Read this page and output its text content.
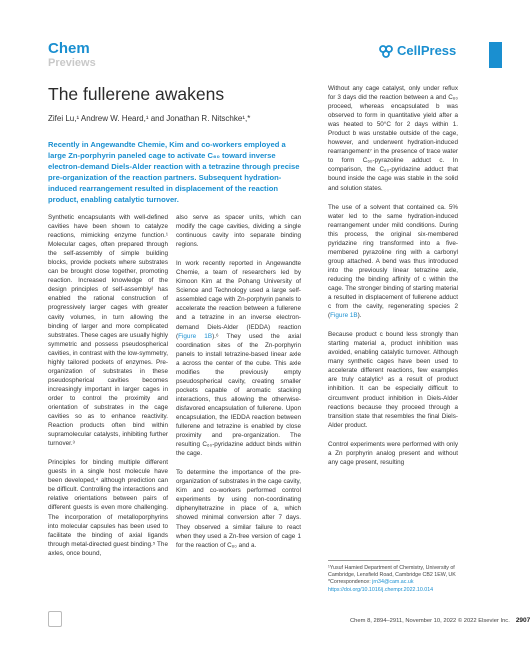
Chem
Previews
CellPress
The fullerene awakens
Zifei Lu,¹ Andrew W. Heard,¹ and Jonathan R. Nitschke¹,*
Recently in Angewandte Chemie, Kim and co-workers employed a large Zn-porphyrin paneled cage to activate C₆₀ toward inverse electron-demand Diels-Alder reaction with a tetrazine through precise pre-organization of the reaction partners. Subsequent hydration-induced rearrangement resulted in displacement of the reaction product, enabling catalytic turnover.

Synthetic encapsulants with well-defined cavities have been shown to catalyze reactions, mimicking enzyme function.¹ Molecular cages, often prepared through the self-assembly of simple building blocks, provide pockets where substrates can be brought close together, promoting reaction. Increased knowledge of the design principles of self-assembly² has enabled the rational construction of progressively larger cages with greater cavity volumes, in turn allowing the binding of larger and more complicated substrates. These cages are usually highly symmetric and possess pseudospherical cavities, in contrast with the low-symmetry, highly tailored pockets of enzymes. Pre-organization of substrates in these pseudospherical cavities becomes increasingly important in larger cages in order to control the proximity and orientation of substrates in the cage cavities so as to enhance reactivity. Reaction products often bind within supramolecular catalysts, inhibiting further turnover.³

Principles for binding multiple different guests in a single host molecule have been developed,⁴ although prediction can be difficult. Controlling the interactions and relative orientations between pairs of different guests is even more challenging. The incorporation of metalloporphyrins into molecular capsules has been used to facilitate the binding of axial ligands through metal-directed guest binding.⁵ The axles, once bound,

also serve as spacer units, which can modify the cage cavities, dividing a single continuous cavity into separate binding regions.

In work recently reported in Angewandte Chemie, a team of researchers led by Kimoon Kim at the Pohang University of Science and Technology used a large self-assembled cage with Zn-porphyrin panels to accelerate the reaction between a fullerene and a tetrazine in an inverse electron-demand Diels-Alder (IEDDA) reaction (Figure 1B).⁶ They used the axial coordination sites of the Zn-porphyrin panels to install tetrazine-based linear axle a across the center of the cube. This axle modifies the previously empty pseudospherical cavity, creating smaller pockets capable of aromatic stacking interactions, thus allowing the otherwise-disfavored encapsulation of fullerene. Upon encapsulation, the IEDDA reaction between fullerene and tetrazine is enabled by close proximity and pre-organization. The resulting C₆₀-pyridazine adduct binds within the cage.

To determine the importance of the pre-organization of substrates in the cage cavity, Kim and co-workers performed control experiments by using non-coordinating diphenyltetrazine in place of a, which showed minimal conversion after 7 days. They observed a similar failure to react when they used a Zn-free version of cage 1 for the reaction of C₆₀ and a.

Without any cage catalyst, only under reflux for 3 days did the reaction between a and C₆₀ proceed, whereas encapsulated b was observed to form in quantitative yield after a was heated to 50°C for 2 days within 1. Product b was unstable outside of the cage, however, and underwent hydration-induced rearrangement⁷ in the presence of trace water to form C₆₀-pyrazoline adduct c. In comparison, the C₆₀-pyridazine adduct that bound inside the cage was stable in the solid and solution states.

The use of a solvent that contained ca. 5% water led to the same hydration-induced rearrangement under mild conditions. During this process, the original six-membered pyridazine ring transformed into a five-membered pyrazoline ring with a carbonyl group attached. A bend was thus introduced into the previously linear tetrazine axle, reducing the binding affinity of c within the cage. The stronger binding of starting material a resulted in displacement of fullerene adduct c from the cavity, regenerating species 2 (Figure 1B).

Because product c bound less strongly than starting material a, product inhibition was avoided, enabling catalytic turnover. Although many synthetic cages have been used to accelerate different reactions, few examples are truly catalytic³ as a result of product inhibition. It can be especially difficult to circumvent product inhibition in Diels-Alder reactions because they proceed through a transition state that resembles the final Diels-Alder product.

Control experiments were performed with only a Zn porphyrin analog present and without any cage present, resulting

¹Yusuf Hamied Department of Chemistry, University of Cambridge, Lensfield Road, Cambridge CB2 1EW, UK
*Correspondence: jrn34@cam.ac.uk
https://doi.org/10.1016/j.chempr.2022.10.014
Chem 8, 2894–2911, November 10, 2022 © 2022 Elsevier Inc. 2907
